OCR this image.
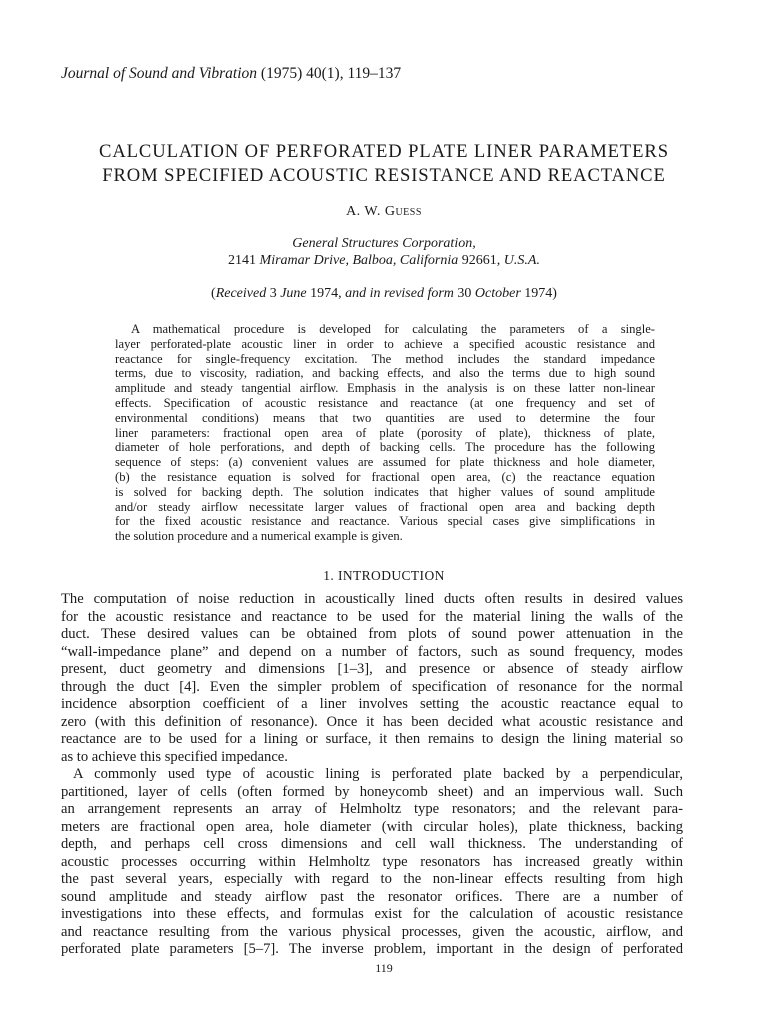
Journal of Sound and Vibration (1975) 40(1), 119–137
CALCULATION OF PERFORATED PLATE LINER PARAMETERS
FROM SPECIFIED ACOUSTIC RESISTANCE AND REACTANCE
A. W. Guess
General Structures Corporation,
2141 Miramar Drive, Balboa, California 92661, U.S.A.
(Received 3 June 1974, and in revised form 30 October 1974)
A mathematical procedure is developed for calculating the parameters of a single-
layer perforated-plate acoustic liner in order to achieve a specified acoustic resistance and
reactance for single-frequency excitation. The method includes the standard impedance
terms, due to viscosity, radiation, and backing effects, and also the terms due to high sound
amplitude and steady tangential airflow. Emphasis in the analysis is on these latter non-linear
effects. Specification of acoustic resistance and reactance (at one frequency and set of
environmental conditions) means that two quantities are used to determine the four
liner parameters: fractional open area of plate (porosity of plate), thickness of plate,
diameter of hole perforations, and depth of backing cells. The procedure has the following
sequence of steps: (a) convenient values are assumed for plate thickness and hole diameter,
(b) the resistance equation is solved for fractional open area, (c) the reactance equation
is solved for backing depth. The solution indicates that higher values of sound amplitude
and/or steady airflow necessitate larger values of fractional open area and backing depth
for the fixed acoustic resistance and reactance. Various special cases give simplifications in
the solution procedure and a numerical example is given.
1. INTRODUCTION
The computation of noise reduction in acoustically lined ducts often results in desired values
for the acoustic resistance and reactance to be used for the material lining the walls of the
duct. These desired values can be obtained from plots of sound power attenuation in the
“wall-impedance plane” and depend on a number of factors, such as sound frequency, modes
present, duct geometry and dimensions [1–3], and presence or absence of steady airflow
through the duct [4]. Even the simpler problem of specification of resonance for the normal
incidence absorption coefficient of a liner involves setting the acoustic reactance equal to
zero (with this definition of resonance). Once it has been decided what acoustic resistance and
reactance are to be used for a lining or surface, it then remains to design the lining material so
as to achieve this specified impedance.
A commonly used type of acoustic lining is perforated plate backed by a perpendicular,
partitioned, layer of cells (often formed by honeycomb sheet) and an impervious wall. Such
an arrangement represents an array of Helmholtz type resonators; and the relevant para-
meters are fractional open area, hole diameter (with circular holes), plate thickness, backing
depth, and perhaps cell cross dimensions and cell wall thickness. The understanding of
acoustic processes occurring within Helmholtz type resonators has increased greatly within
the past several years, especially with regard to the non-linear effects resulting from high
sound amplitude and steady airflow past the resonator orifices. There are a number of
investigations into these effects, and formulas exist for the calculation of acoustic resistance
and reactance resulting from the various physical processes, given the acoustic, airflow, and
perforated plate parameters [5–7]. The inverse problem, important in the design of perforated
119
